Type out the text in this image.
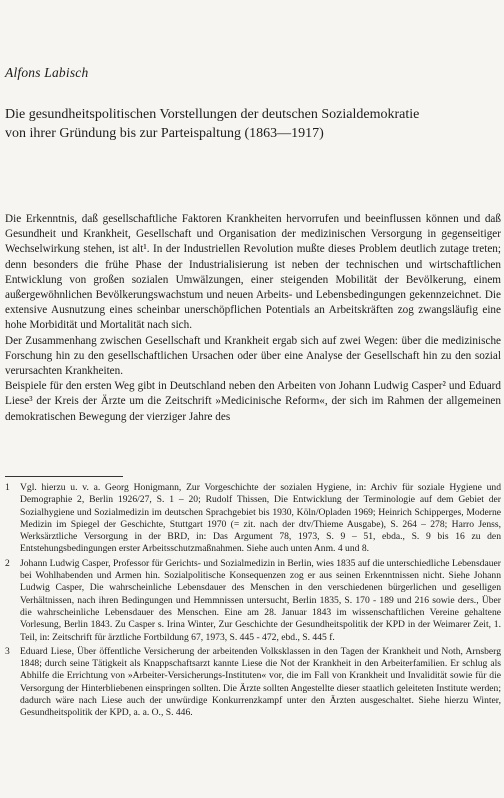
Alfons Labisch
Die gesundheitspolitischen Vorstellungen der deutschen Sozialdemokratie
von ihrer Gründung bis zur Parteispaltung (1863—1917)

Die Erkenntnis, daß gesellschaftliche Faktoren Krankheiten hervorrufen und beeinflussen können und daß Gesundheit und Krankheit, Gesellschaft und Organisation der medizinischen Versorgung in gegenseitiger Wechselwirkung stehen, ist alt¹. In der Industriellen Revolution mußte dieses Problem deutlich zutage treten; denn besonders die frühe Phase der Industrialisierung ist neben der technischen und wirtschaftlichen Entwicklung von großen sozialen Umwälzungen, einer steigenden Mobilität der Bevölkerung, einem außergewöhnlichen Bevölkerungswachstum und neuen Arbeits- und Lebensbedingungen gekennzeichnet. Die extensive Ausnutzung eines scheinbar unerschöpflichen Potentials an Arbeitskräften zog zwangsläufig eine hohe Morbidität und Mortalität nach sich.

Der Zusammenhang zwischen Gesellschaft und Krankheit ergab sich auf zwei Wegen: über die medizinische Forschung hin zu den gesellschaftlichen Ursachen oder über eine Analyse der Gesellschaft hin zu den sozial verursachten Krankheiten.

Beispiele für den ersten Weg gibt in Deutschland neben den Arbeiten von Johann Ludwig Casper² und Eduard Liese³ der Kreis der Ärzte um die Zeitschrift »Medicinische Reform«, der sich im Rahmen der allgemeinen demokratischen Bewegung der vierziger Jahre des

1	Vgl. hierzu u. v. a. Georg Honigmann, Zur Vorgeschichte der sozialen Hygiene, in: Archiv für soziale Hygiene und Demographie 2, Berlin 1926/27, S. 1 – 20; Rudolf Thissen, Die Entwicklung der Terminologie auf dem Gebiet der Sozialhygiene und Sozialmedizin im deutschen Sprachgebiet bis 1930, Köln/Opladen 1969; Heinrich Schipperges, Moderne Medizin im Spiegel der Geschichte, Stuttgart 1970 (= zit. nach der dtv/Thieme Ausgabe), S. 264 – 278; Harro Jenss, Werksärztliche Versorgung in der BRD, in: Das Argument 78, 1973, S. 9 – 51, ebda., S. 9 bis 16 zu den Entstehungsbedingungen erster Arbeitsschutzmaßnahmen. Siehe auch unten Anm. 4 und 8.
2	Johann Ludwig Casper, Professor für Gerichts- und Sozialmedizin in Berlin, wies 1835 auf die unterschiedliche Lebensdauer bei Wohlhabenden und Armen hin. Sozialpolitische Konsequenzen zog er aus seinen Erkenntnissen nicht. Siehe Johann Ludwig Casper, Die wahrscheinliche Lebensdauer des Menschen in den verschiedenen bürgerlichen und geselligen Verhältnissen, nach ihren Bedingungen und Hemmnissen untersucht, Berlin 1835, S. 170 - 189 und 216 sowie ders., Über die wahrscheinliche Lebensdauer des Menschen. Eine am 28. Januar 1843 im wissenschaftlichen Vereine gehaltene Vorlesung, Berlin 1843. Zu Casper s. Irina Winter, Zur Geschichte der Gesundheitspolitik der KPD in der Weimarer Zeit, 1. Teil, in: Zeitschrift für ärztliche Fortbildung 67, 1973, S. 445 - 472, ebd., S. 445 f.
3	Eduard Liese, Über öffentliche Versicherung der arbeitenden Volksklassen in den Tagen der Krankheit und Noth, Arnsberg 1848; durch seine Tätigkeit als Knappschaftsarzt kannte Liese die Not der Krankheit in den Arbeiterfamilien. Er schlug als Abhilfe die Errichtung von »Arbeiter-Versicherungs-Instituten« vor, die im Fall von Krankheit und Invalidität sowie für die Versorgung der Hinterbliebenen einspringen sollten. Die Ärzte sollten Angestellte dieser staatlich geleiteten Institute werden; dadurch wäre nach Liese auch der unwürdige Konkurrenzkampf unter den Ärzten ausgeschaltet. Siehe hierzu Winter, Gesundheitspolitik der KPD, a. a. O., S. 446.
